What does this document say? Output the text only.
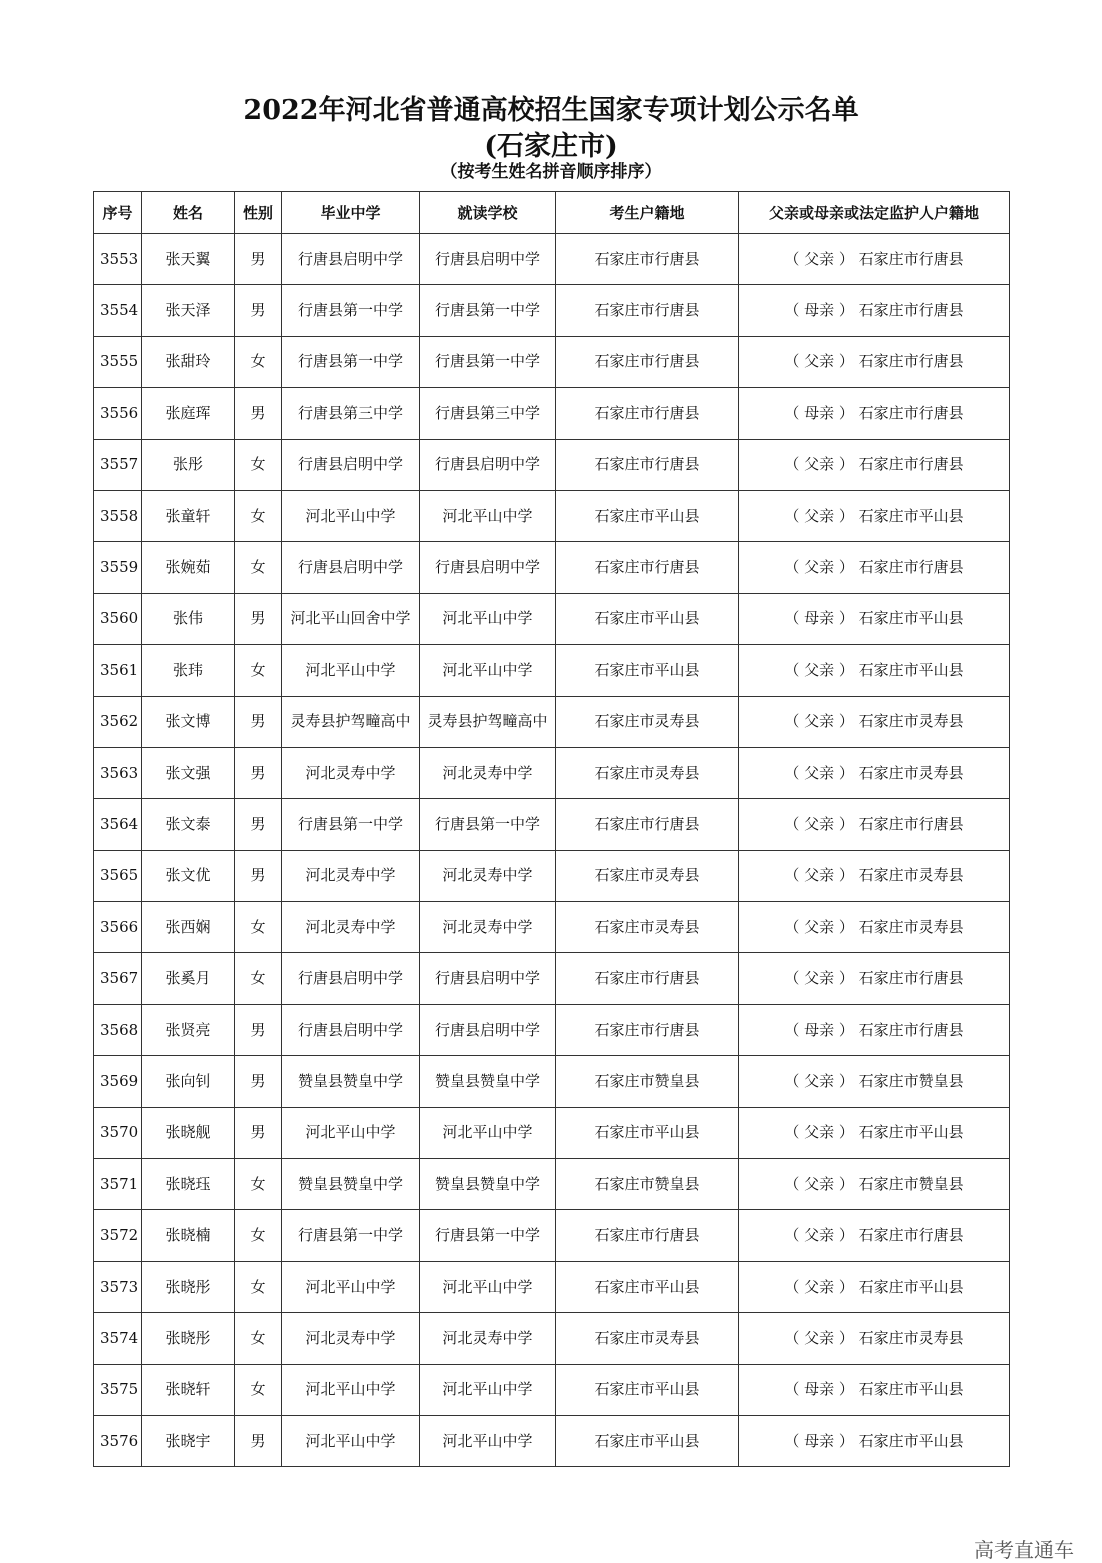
2022年河北省普通高校招生国家专项计划公示名单
(石家庄市)
（按考生姓名拼音顺序排序）
序号	姓名	性别	毕业中学	就读学校	考生户籍地	父亲或母亲或法定监护人户籍地
3553	张天翼	男	行唐县启明中学	行唐县启明中学	石家庄市行唐县	（ 父亲 ） 石家庄市行唐县
3554	张天泽	男	行唐县第一中学	行唐县第一中学	石家庄市行唐县	（ 母亲 ） 石家庄市行唐县
3555	张甜玲	女	行唐县第一中学	行唐县第一中学	石家庄市行唐县	（ 父亲 ） 石家庄市行唐县
3556	张庭珲	男	行唐县第三中学	行唐县第三中学	石家庄市行唐县	（ 母亲 ） 石家庄市行唐县
3557	张彤	女	行唐县启明中学	行唐县启明中学	石家庄市行唐县	（ 父亲 ） 石家庄市行唐县
3558	张童轩	女	河北平山中学	河北平山中学	石家庄市平山县	（ 父亲 ） 石家庄市平山县
3559	张婉茹	女	行唐县启明中学	行唐县启明中学	石家庄市行唐县	（ 父亲 ） 石家庄市行唐县
3560	张伟	男	河北平山回舍中学	河北平山中学	石家庄市平山县	（ 母亲 ） 石家庄市平山县
3561	张玮	女	河北平山中学	河北平山中学	石家庄市平山县	（ 父亲 ） 石家庄市平山县
3562	张文博	男	灵寿县护驾疃高中	灵寿县护驾疃高中	石家庄市灵寿县	（ 父亲 ） 石家庄市灵寿县
3563	张文强	男	河北灵寿中学	河北灵寿中学	石家庄市灵寿县	（ 父亲 ） 石家庄市灵寿县
3564	张文泰	男	行唐县第一中学	行唐县第一中学	石家庄市行唐县	（ 父亲 ） 石家庄市行唐县
3565	张文优	男	河北灵寿中学	河北灵寿中学	石家庄市灵寿县	（ 父亲 ） 石家庄市灵寿县
3566	张西娴	女	河北灵寿中学	河北灵寿中学	石家庄市灵寿县	（ 父亲 ） 石家庄市灵寿县
3567	张奚月	女	行唐县启明中学	行唐县启明中学	石家庄市行唐县	（ 父亲 ） 石家庄市行唐县
3568	张贤亮	男	行唐县启明中学	行唐县启明中学	石家庄市行唐县	（ 母亲 ） 石家庄市行唐县
3569	张向钊	男	赞皇县赞皇中学	赞皇县赞皇中学	石家庄市赞皇县	（ 父亲 ） 石家庄市赞皇县
3570	张晓舰	男	河北平山中学	河北平山中学	石家庄市平山县	（ 父亲 ） 石家庄市平山县
3571	张晓珏	女	赞皇县赞皇中学	赞皇县赞皇中学	石家庄市赞皇县	（ 父亲 ） 石家庄市赞皇县
3572	张晓楠	女	行唐县第一中学	行唐县第一中学	石家庄市行唐县	（ 父亲 ） 石家庄市行唐县
3573	张晓彤	女	河北平山中学	河北平山中学	石家庄市平山县	（ 父亲 ） 石家庄市平山县
3574	张晓彤	女	河北灵寿中学	河北灵寿中学	石家庄市灵寿县	（ 父亲 ） 石家庄市灵寿县
3575	张晓轩	女	河北平山中学	河北平山中学	石家庄市平山县	（ 母亲 ） 石家庄市平山县
3576	张晓宇	男	河北平山中学	河北平山中学	石家庄市平山县	（ 母亲 ） 石家庄市平山县
高考直通车
